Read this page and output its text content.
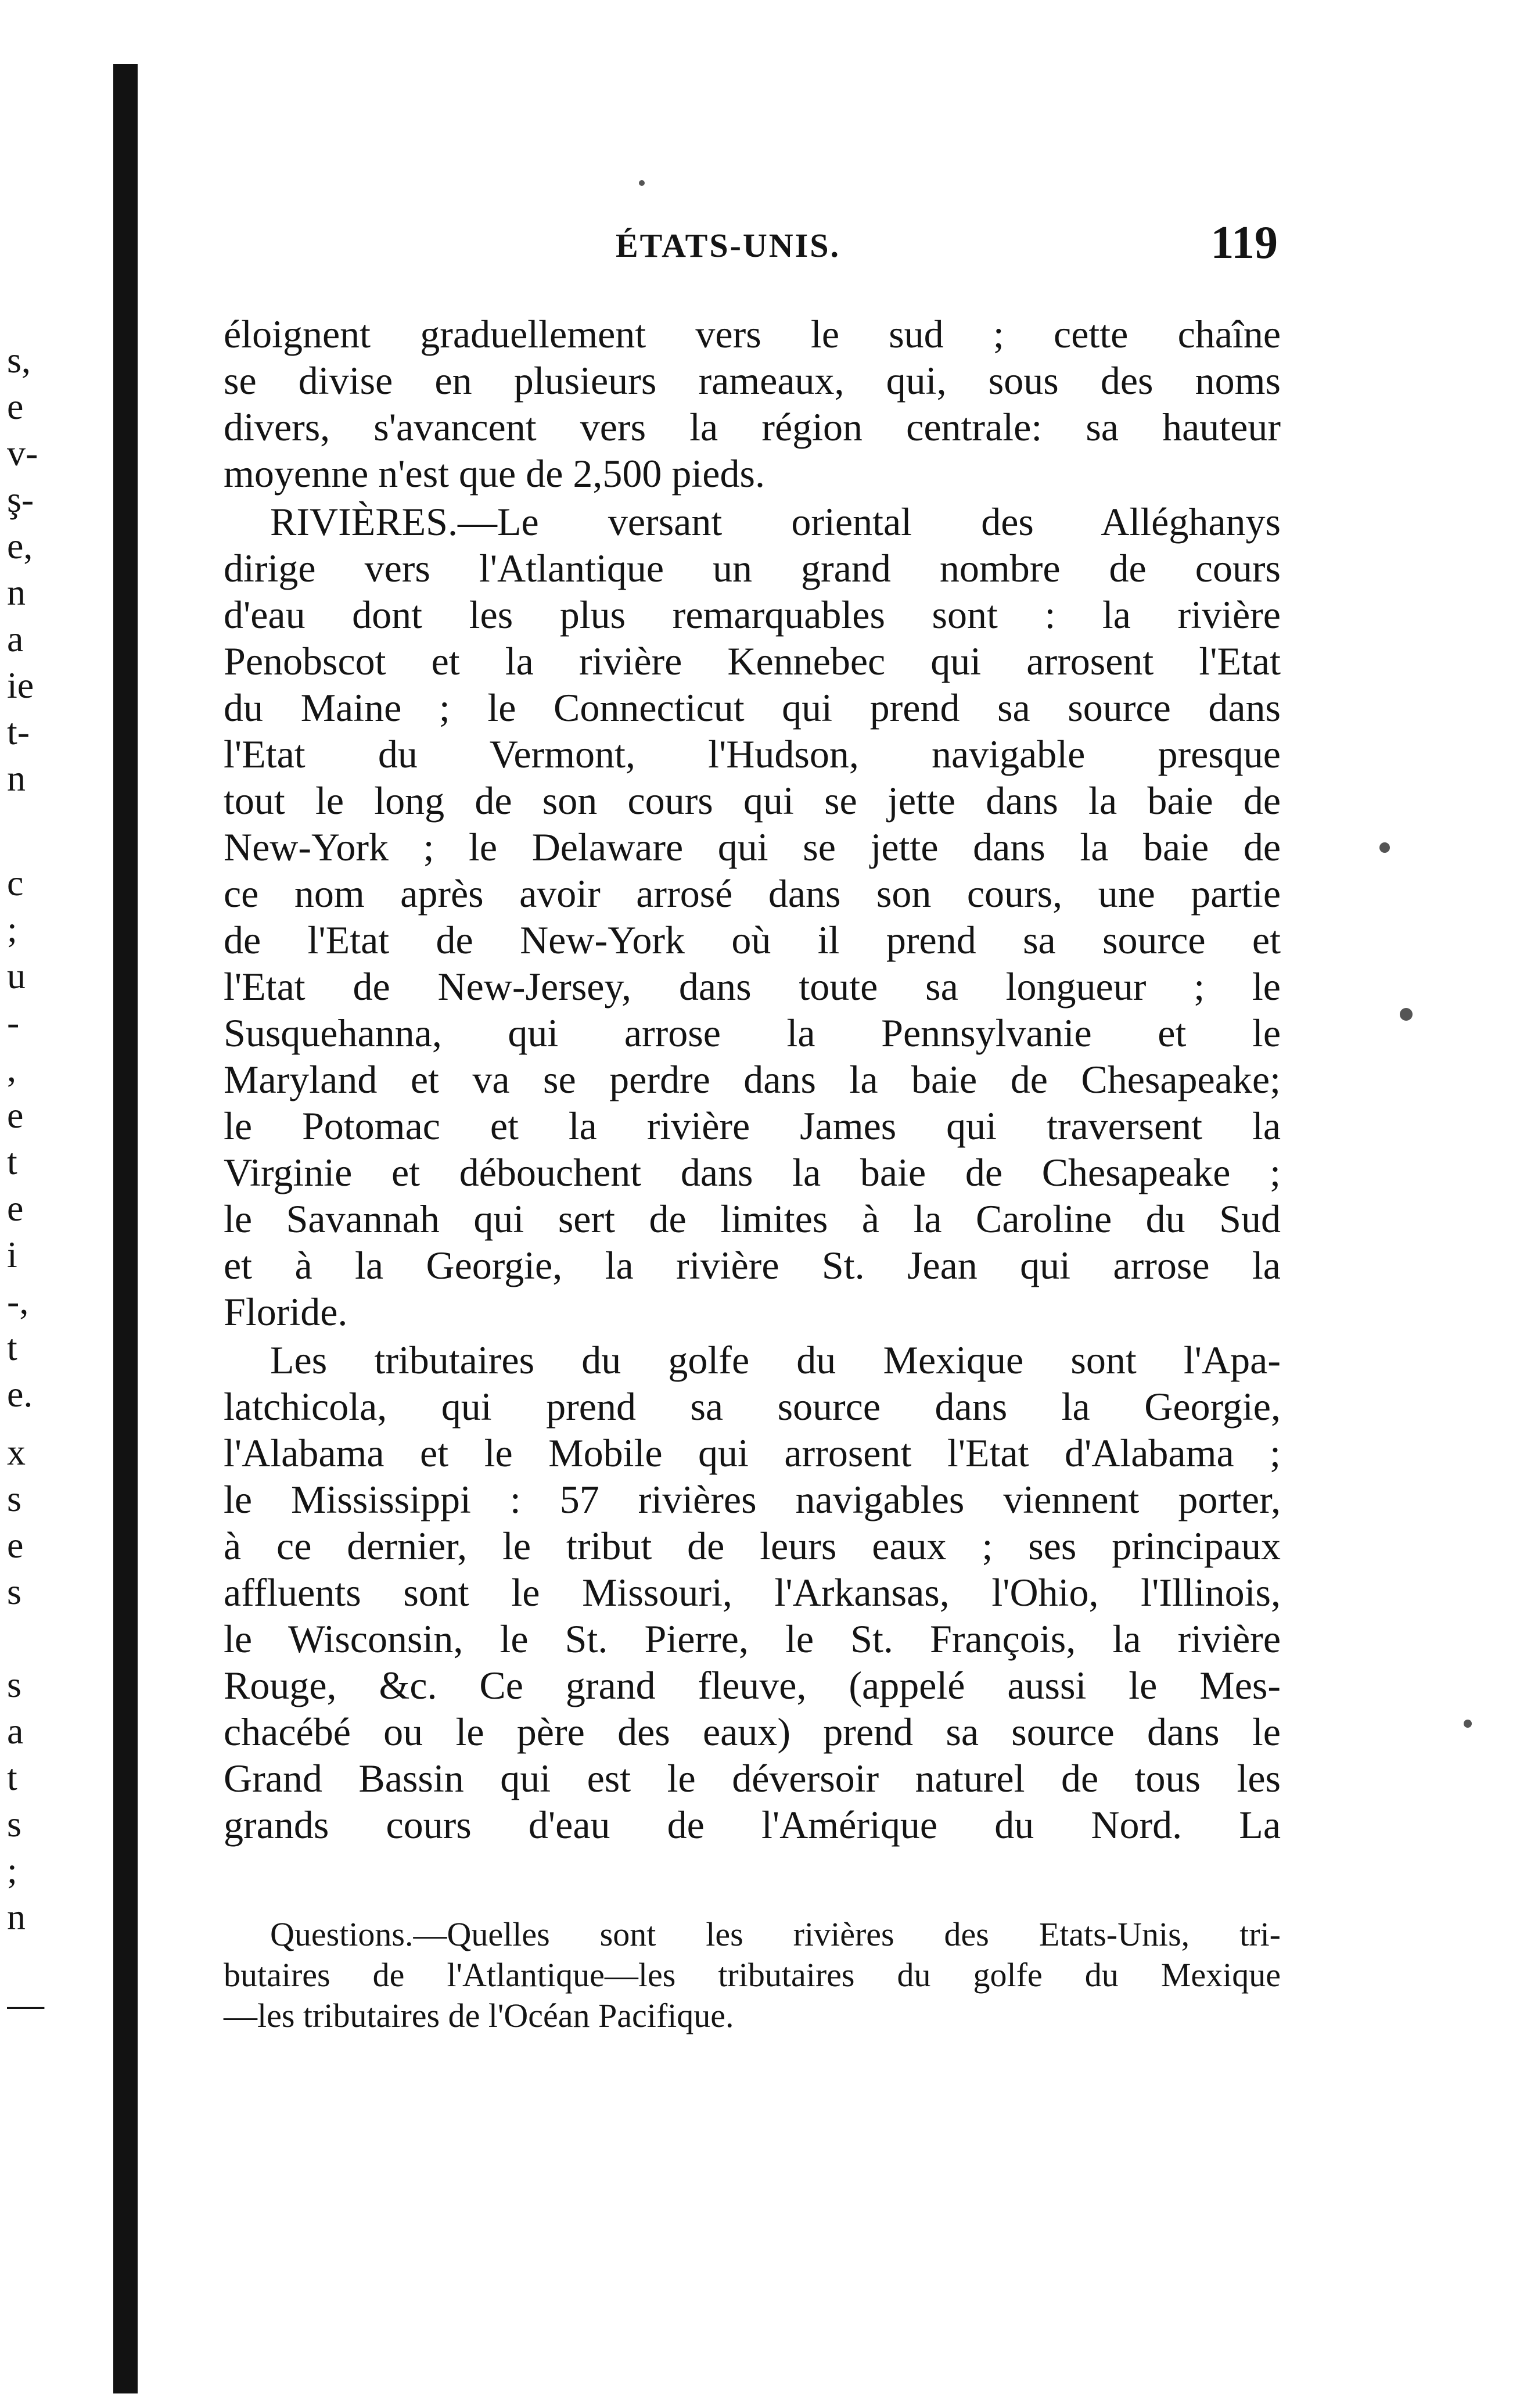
s,
e
v-
ş-
e,
n
a
ie
t-
n
c
;
u
-
,
e
t
e
i
-,
t
e.
x
s
e
s
s
a
t
s
;
n
—
ÉTATS-UNIS.	119
éloignent graduellement vers le sud ; cette chaîne
se divise en plusieurs rameaux, qui, sous des noms
divers, s'avancent vers la région centrale: sa hauteur
moyenne n'est que de 2,500 pieds.
RIVIÈRES.—Le versant oriental des Alléghanys
dirige vers l'Atlantique un grand nombre de cours
d'eau dont les plus remarquables sont : la rivière
Penobscot et la rivière Kennebec qui arrosent l'Etat
du Maine ; le Connecticut qui prend sa source dans
l'Etat du Vermont, l'Hudson, navigable presque
tout le long de son cours qui se jette dans la baie de
New-York ; le Delaware qui se jette dans la baie de
ce nom après avoir arrosé dans son cours, une partie
de l'Etat de New-York où il prend sa source et
l'Etat de New-Jersey, dans toute sa longueur ; le
Susquehanna, qui arrose la Pennsylvanie et le
Maryland et va se perdre dans la baie de Chesapeake;
le Potomac et la rivière James qui traversent la
Virginie et débouchent dans la baie de Chesapeake ;
le Savannah qui sert de limites à la Caroline du Sud
et à la Georgie, la rivière St. Jean qui arrose la
Floride.
Les tributaires du golfe du Mexique sont l'Apa-
latchicola, qui prend sa source dans la Georgie,
l'Alabama et le Mobile qui arrosent l'Etat d'Alabama ;
le Mississippi : 57 rivières navigables viennent porter,
à ce dernier, le tribut de leurs eaux ; ses principaux
affluents sont le Missouri, l'Arkansas, l'Ohio, l'Illinois,
le Wisconsin, le St. Pierre, le St. François, la rivière
Rouge, &c. Ce grand fleuve, (appelé aussi le Mes-
chacébé ou le père des eaux) prend sa source dans le
Grand Bassin qui est le déversoir naturel de tous les
grands cours d'eau de l'Amérique du Nord. La
Questions.—Quelles sont les rivières des Etats-Unis, tri-
butaires de l'Atlantique—les tributaires du golfe du Mexique
—les tributaires de l'Océan Pacifique.
